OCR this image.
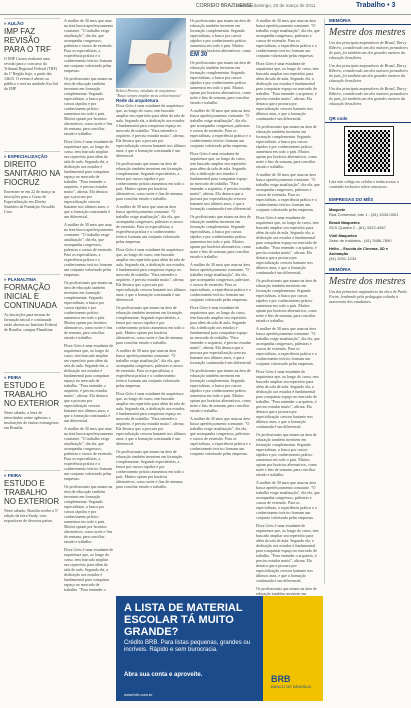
CORREIO BRAZILIENSE
Brasília, domingo, 20 de março de 2011	Trabalho • 3
» AULÃO
IMP FAZ REVISÃO PARA O TRF

O IMP Cursos realizará uma revisão para o concurso do Tribunal Regional Federal (TRF) da 1ª Região hoje, a partir das 14h15. O evento é aberto ao público e será na unidade Asa Sul do IMP.

» ESPECIALIZAÇÃO
DIREITO SANITÁRIO NA FIOCRUZ

Encerram-se em 22 de março as inscrições para o Curso de Especialização em Direito Sanitário da Fundação Oswaldo Cruz.

» PLANALTINA
FORMAÇÃO INICIAL E CONTINUADA

As inscrições para turmas de formação inicial e continuada estão abertas no Instituto Federal de Brasília, campus Planaltina.

» FEIRA
ESTUDO E TRABALHO NO EXTERIOR

Neste sábado, a feira de intercâmbio reúne agências e instituições de ensino estrangeiras em Brasília.

» FEIRA
ESTUDO E TRABALHO NO EXTERIOR

Neste sábado, Brasília recebe a 5ª edição da feira Study, com expositores de diversos países.

A mulher de 30 anos que atua na área busca aperfeiçoamento constante. "O trabalho exige atualização", diz ela, que acompanha congressos, palestras e cursos de extensão. Para os especialistas, a experiência prática e o conhecimento teórico formam um conjunto valorizado pelas empresas.

Os profissionais que atuam na área de educação também investem em formação complementar. Segundo especialistas, a busca por cursos rápidos e por conhecimento prático aumentou em todo o país. Muitos optam por horários alternativos, como noite e fins de semana, para conciliar estudo e trabalho.

Flora Góes é uma estudante de arquitetura que, ao longo do curso, tem buscado ampliar seu repertório para além da sala de aula. Segundo ela, a dedicação aos estudos é fundamental para conquistar espaço no mercado de trabalho. "Para entender o arquiteto, é preciso estudar muito", afirma. Ela destaca que a procura por especialização cresceu bastante nos últimos anos, e que a formação continuada é um diferencial.

A mulher de 30 anos que atua na área busca aperfeiçoamento constante. "O trabalho exige atualização", diz ela, que acompanha congressos, palestras e cursos de extensão. Para os especialistas, a experiência prática e o conhecimento teórico formam um conjunto valorizado pelas empresas.

Os profissionais que atuam na área de educação também investem em formação complementar. Segundo especialistas, a busca por cursos rápidos e por conhecimento prático aumentou em todo o país. Muitos optam por horários alternativos, como noite e fins de semana, para conciliar estudo e trabalho.

Flora Góes é uma estudante de arquitetura que, ao longo do curso, tem buscado ampliar seu repertório para além da sala de aula. Segundo ela, a dedicação aos estudos é fundamental para conquistar espaço no mercado de trabalho. "Para entender o arquiteto, é preciso estudar muito", afirma. Ela destaca que a procura por especialização cresceu bastante nos últimos anos, e que a formação continuada é um diferencial.

A mulher de 30 anos que atua na área busca aperfeiçoamento constante. "O trabalho exige atualização", diz ela, que acompanha congressos, palestras e cursos de extensão. Para os especialistas, a experiência prática e o conhecimento teórico formam um conjunto valorizado pelas empresas.

Os profissionais que atuam na área de educação também investem em formação complementar. Segundo especialistas, a busca por cursos rápidos e por conhecimento prático aumentou em todo o país. Muitos optam por horários alternativos, como noite e fins de semana, para conciliar estudo e trabalho.

Flora Góes é uma estudante de arquitetura que, ao longo do curso, tem buscado ampliar seu repertório para além da sala de aula. Segundo ela, a dedicação aos estudos é fundamental para conquistar espaço no mercado de trabalho. "Para entender o

Rebeca Pereira, estudante de arquitetura: "Busco sempre ampliar meus conhecimentos"
Rede da arquitetura

Flora Góes é uma estudante de arquitetura que, ao longo do curso, tem buscado ampliar seu repertório para além da sala de aula. Segundo ela, a dedicação aos estudos é fundamental para conquistar espaço no mercado de trabalho. "Para entender o arquiteto, é preciso estudar muito", afirma. Ela destaca que a procura por especialização cresceu bastante nos últimos anos, e que a formação continuada é um diferencial.

Os profissionais que atuam na área de educação também investem em formação complementar. Segundo especialistas, a busca por cursos rápidos e por conhecimento prático aumentou em todo o país. Muitos optam por horários alternativos, como noite e fins de semana, para conciliar estudo e trabalho.

A mulher de 30 anos que atua na área busca aperfeiçoamento constante. "O trabalho exige atualização", diz ela, que acompanha congressos, palestras e cursos de extensão. Para os especialistas, a experiência prática e o conhecimento teórico formam um conjunto valorizado pelas empresas.

Flora Góes é uma estudante de arquitetura que, ao longo do curso, tem buscado ampliar seu repertório para além da sala de aula. Segundo ela, a dedicação aos estudos é fundamental para conquistar espaço no mercado de trabalho. "Para entender o arquiteto, é preciso estudar muito", afirma. Ela destaca que a procura por especialização cresceu bastante nos últimos anos, e que a formação continuada é um diferencial.

Os profissionais que atuam na área de educação também investem em formação complementar. Segundo especialistas, a busca por cursos rápidos e por conhecimento prático aumentou em todo o país. Muitos optam por horários alternativos, como noite e fins de semana, para conciliar estudo e trabalho.

A mulher de 30 anos que atua na área busca aperfeiçoamento constante. "O trabalho exige atualização", diz ela, que acompanha congressos, palestras e cursos de extensão. Para os especialistas, a experiência prática e o conhecimento teórico formam um conjunto valorizado pelas empresas.

Flora Góes é uma estudante de arquitetura que, ao longo do curso, tem buscado ampliar seu repertório para além da sala de aula. Segundo ela, a dedicação aos estudos é fundamental para conquistar espaço no mercado de trabalho. "Para entender o arquiteto, é preciso estudar muito", afirma. Ela destaca que a procura por especialização cresceu bastante nos últimos anos, e que a formação continuada é um diferencial.

Os profissionais que atuam na área de educação também investem em formação complementar. Segundo especialistas, a busca por cursos rápidos e por conhecimento prático aumentou em todo o país. Muitos optam por horários alternativos, como noite e fins de semana, para conciliar estudo e trabalho.

EM 30

Os profissionais que atuam na área de educação também investem em formação complementar. Segundo especialistas, a busca por cursos rápidos e por conhecimento prático aumentou em todo o país. Muitos optam por horários alternativos, como

Os profissionais que atuam na área de educação também investem em formação complementar. Segundo especialistas, a busca por cursos rápidos e por conhecimento prático aumentou em todo o país. Muitos optam por horários alternativos, como noite e fins de semana, para conciliar estudo e trabalho.

A mulher de 30 anos que atua na área busca aperfeiçoamento constante. "O trabalho exige atualização", diz ela, que acompanha congressos, palestras e cursos de extensão. Para os especialistas, a experiência prática e o conhecimento teórico formam um conjunto valorizado pelas empresas.

Flora Góes é uma estudante de arquitetura que, ao longo do curso, tem buscado ampliar seu repertório para além da sala de aula. Segundo ela, a dedicação aos estudos é fundamental para conquistar espaço no mercado de trabalho. "Para entender o arquiteto, é preciso estudar muito", afirma. Ela destaca que a procura por especialização cresceu bastante nos últimos anos, e que a formação continuada é um diferencial.

Os profissionais que atuam na área de educação também investem em formação complementar. Segundo especialistas, a busca por cursos rápidos e por conhecimento prático aumentou em todo o país. Muitos optam por horários alternativos, como noite e fins de semana, para conciliar estudo e trabalho.

A mulher de 30 anos que atua na área busca aperfeiçoamento constante. "O trabalho exige atualização", diz ela, que acompanha congressos, palestras e cursos de extensão. Para os especialistas, a experiência prática e o conhecimento teórico formam um conjunto valorizado pelas empresas.

Flora Góes é uma estudante de arquitetura que, ao longo do curso, tem buscado ampliar seu repertório para além da sala de aula. Segundo ela, a dedicação aos estudos é fundamental para conquistar espaço no mercado de trabalho. "Para entender o arquiteto, é preciso estudar muito", afirma. Ela destaca que a procura por especialização cresceu bastante nos últimos anos, e que a formação continuada é um diferencial.

Os profissionais que atuam na área de educação também investem em formação complementar. Segundo especialistas, a busca por cursos rápidos e por conhecimento prático aumentou em todo o país. Muitos optam por horários alternativos, como noite e fins de semana, para conciliar estudo e trabalho.

A mulher de 30 anos que atua na área busca aperfeiçoamento constante. "O trabalho exige atualização", diz ela, que acompanha congressos, palestras e cursos de extensão. Para os especialistas, a experiência prática e o conhecimento teórico formam um conjunto valorizado pelas empresas.

A mulher de 30 anos que atua na área busca aperfeiçoamento constante. "O trabalho exige atualização", diz ela, que acompanha congressos, palestras e cursos de extensão. Para os especialistas, a experiência prática e o conhecimento teórico formam um conjunto valorizado pelas empresas.

Flora Góes é uma estudante de arquitetura que, ao longo do curso, tem buscado ampliar seu repertório para além da sala de aula. Segundo ela, a dedicação aos estudos é fundamental para conquistar espaço no mercado de trabalho. "Para entender o arquiteto, é preciso estudar muito", afirma. Ela destaca que a procura por especialização cresceu bastante nos últimos anos, e que a formação continuada é um diferencial.

Os profissionais que atuam na área de educação também investem em formação complementar. Segundo especialistas, a busca por cursos rápidos e por conhecimento prático aumentou em todo o país. Muitos optam por horários alternativos, como noite e fins de semana, para conciliar estudo e trabalho.

A mulher de 30 anos que atua na área busca aperfeiçoamento constante. "O trabalho exige atualização", diz ela, que acompanha congressos, palestras e cursos de extensão. Para os especialistas, a experiência prática e o conhecimento teórico formam um conjunto valorizado pelas empresas.

Flora Góes é uma estudante de arquitetura que, ao longo do curso, tem buscado ampliar seu repertório para além da sala de aula. Segundo ela, a dedicação aos estudos é fundamental para conquistar espaço no mercado de trabalho. "Para entender o arquiteto, é preciso estudar muito", afirma. Ela destaca que a procura por especialização cresceu bastante nos últimos anos, e que a formação continuada é um diferencial.

Os profissionais que atuam na área de educação também investem em formação complementar. Segundo especialistas, a busca por cursos rápidos e por conhecimento prático aumentou em todo o país. Muitos optam por horários alternativos, como noite e fins de semana, para conciliar estudo e trabalho.

A mulher de 30 anos que atua na área busca aperfeiçoamento constante. "O trabalho exige atualização", diz ela, que acompanha congressos, palestras e cursos de extensão. Para os especialistas, a experiência prática e o conhecimento teórico formam um conjunto valorizado pelas empresas.

Flora Góes é uma estudante de arquitetura que, ao longo do curso, tem buscado ampliar seu repertório para além da sala de aula. Segundo ela, a dedicação aos estudos é fundamental para conquistar espaço no mercado de trabalho. "Para entender o arquiteto, é preciso estudar muito", afirma. Ela destaca que a procura por especialização cresceu bastante nos últimos anos, e que a formação continuada é um diferencial.

Os profissionais que atuam na área de educação também investem em formação complementar. Segundo especialistas, a busca por cursos rápidos e por conhecimento prático aumentou em todo o país. Muitos optam por horários alternativos, como noite e fins de semana, para conciliar estudo e trabalho.

A mulher de 30 anos que atua na área busca aperfeiçoamento constante. "O trabalho exige atualização", diz ela, que acompanha congressos, palestras e cursos de extensão. Para os especialistas, a experiência prática e o conhecimento teórico formam um conjunto valorizado pelas empresas.

Flora Góes é uma estudante de arquitetura que, ao longo do curso, tem buscado ampliar seu repertório para além da sala de aula. Segundo ela, a dedicação aos estudos é fundamental para conquistar espaço no mercado de trabalho. "Para entender o arquiteto, é preciso estudar muito", afirma. Ela destaca que a procura por especialização cresceu bastante nos últimos anos, e que a formação continuada é um diferencial.

Os profissionais que atuam na área de educação também investem em

MEMÓRIA
Mestre dos mestres
Um dos principais mapeadores de Brasil, Darcy Ribeiro, considerado um dos maiores pensadores do país, foi também um dos grandes mestres da educação brasileira.
Um dos principais mapeadores de Brasil, Darcy Ribeiro, considerado um dos maiores pensadores do país, foi também um dos grandes mestres da educação brasileira.
Um dos principais mapeadores de Brasil, Darcy Ribeiro, considerado um dos maiores pensadores do país, foi também um dos grandes mestres da educação brasileira.
QR code
Leia este código no celular e tenha acesso a conteúdo exclusivo sobre concursos.
EMPRESAS DO MÊS
Maquete
Rua Comercial, lote 1 - (61) 3333-0001
Brasil Maquetes
SCS Quadra 2 - (61) 3322-4567
Vinil Maquetes
Setor de Indústria - (61) 3456-7890
Hélio – Escola de Cinema, 3D e Animação
(61) 3201-1234
MEMÓRIA
Mestre dos mestres
Um dos primeiros mapeadores da obra de Paulo Freire, lembrado pela pedagogia voltada à autonomia dos estudantes.
A LISTA DE MATERIAL ESCOLAR TÁ MUITO GRANDE?
Crédito BRB. Para listas pequenas, grandes ou incríveis. Rápido e sem burocracia.
Abra sua conta e aproveite.
www.brb.com.br
BRB
BANCO DE BRASÍLIA
